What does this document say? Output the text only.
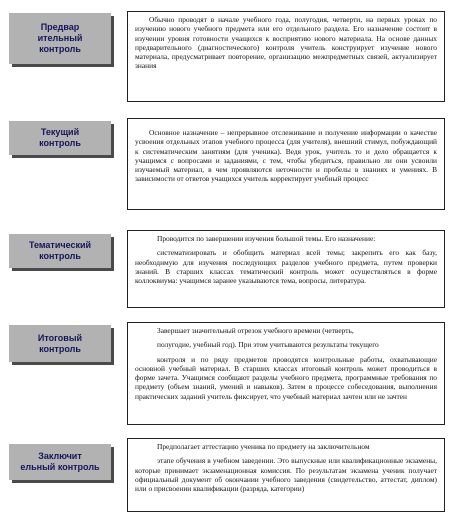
Предвар
ительный
контроль

Обычно проводят в начале учебного года, полугодия, четверти, на первых уроках по изучению нового учебного предмета или его отдельного раздела. Его назначение состоит в изучении уровня готовности учащихся к восприятию нового материала. На основе данных предварительного (диагностического) контроля учитель конструирует изучение нового материала, предусматривает повторение, организацию межпредметных связей, актуализирует знания

Текущий
контроль

Основное назначение – непрерывное отслеживание и получение информации о качестве усвоения отдельных этапов учебного процесса (для учителя), внешний стимул, побуждающий к систематическим занятиям (для ученика). Ведя урок, учитель то и дело обращается к учащимся с вопросами и заданиями, с тем, чтобы убедиться, правильно ли они усвоили изучаемый материал, в чем проявляются неточности и пробелы в знаниях и умениях. В зависимости от ответов учащихся учитель корректирует учебный процесс

Тематический
контроль

Проводится по завершении изучения большой темы. Его назначение:

систематизировать и обобщить материал всей темы; закрепить его как базу, необходимую для изучения последующих разделов учебного предмета, путем проверки знаний. В старших классах тематический контроль может осуществляться в форме коллоквиума: учащимся заранее указываются тема, вопросы, литература.

Итоговый
контроль

Завершает значительный отрезок учебного времени (четверть,

полугодие, учебный год). При этом учитываются результаты текущего

контроля и по ряду предметов проводятся контрольные работы, охватывающие основной учебный материал. В старших классах итоговый контроль может проводиться в форме зачета. Учащимся сообщают разделы учебного предмета, программные требования по предмету (объем знаний, умений и навыков). Затем в процессе собеседования, выполнения практических заданий учитель фиксирует, что учебный материал зачтен или не зачтен

Заключит
ельный контроль

Предполагает аттестацию ученика по предмету на заключительном

этапе обучения в учебном заведении. Это выпускные или квалификационные экзамены, которые принимает экзаменационная комиссия. По результатам экзамена ученик получает официальный документ об окончании учебного заведения (свидетельство, аттестат, диплом) или о присвоении квалификации (разряда, категории)
